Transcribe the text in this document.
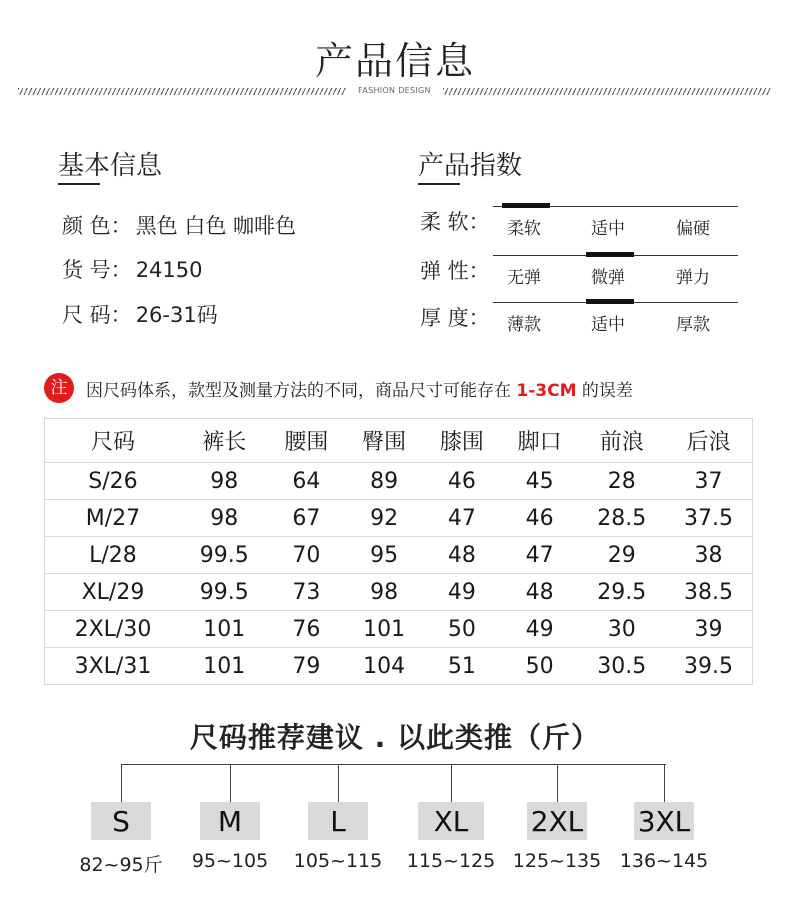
产品信息
FASHION DESIGN
基本信息
颜 色： 黑色 白色 咖啡色
货 号： 24150
尺 码： 26-31码
产品指数
柔 软： 柔软	适中	偏硬
弹 性： 无弹	微弹	弹力
厚 度： 薄款	适中	厚款
注	因尺码体系，款型及测量方法的不同，商品尺寸可能存在 1-3CM 的误差
尺码	裤长	腰围	臀围	膝围	脚口	前浪	后浪
S/26	98	64	89	46	45	28	37
M/27	98	67	92	47	46	28.5	37.5
L/28	99.5	70	95	48	47	29	38
XL/29	99.5	73	98	49	48	29.5	38.5
2XL/30	101	76	101	50	49	30	39
3XL/31	101	79	104	51	50	30.5	39.5
尺码推荐建议 . 以此类推（斤）
S
82~95斤
M
95~105
L
105~115
XL
115~125
2XL
125~135
3XL
136~145
